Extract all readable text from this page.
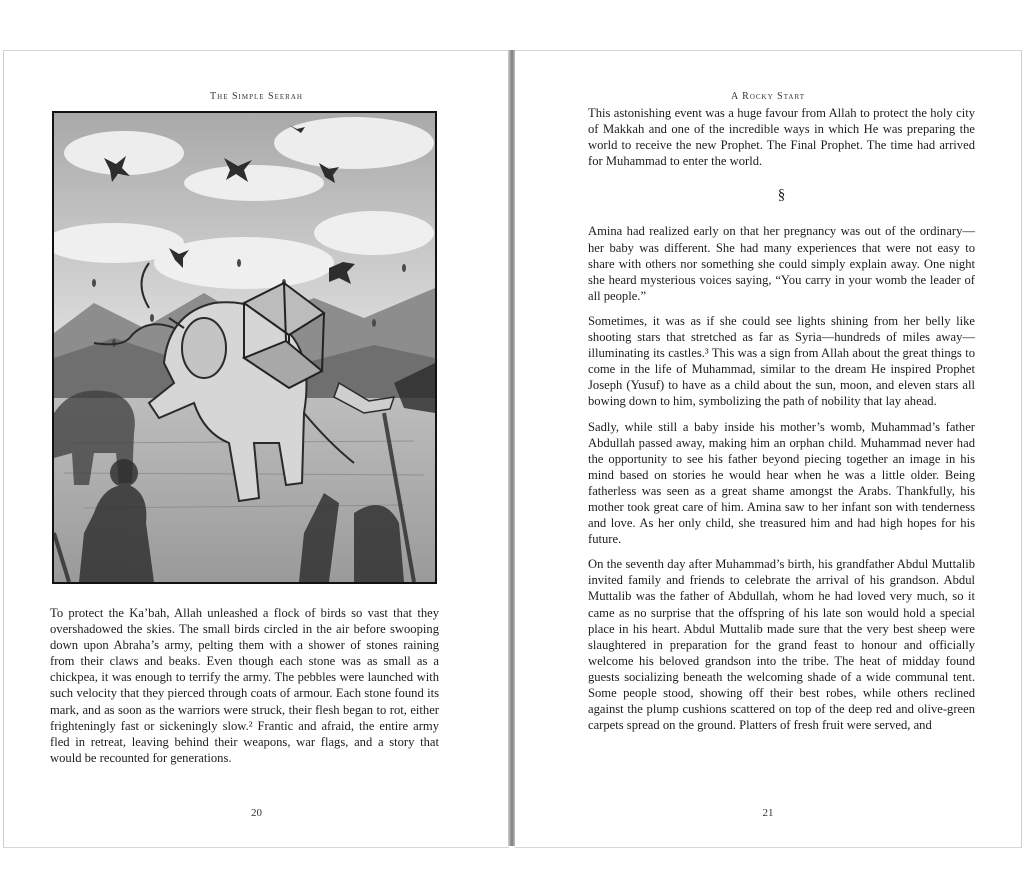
The Simple Seerah

To protect the Ka’bah, Allah unleashed a flock of birds so vast that they overshadowed the skies. The small birds circled in the air before swooping down upon Abraha’s army, pelting them with a shower of stones raining from their claws and beaks. Even though each stone was as small as a chickpea, it was enough to terrify the army. The pebbles were launched with such velocity that they pierced through coats of armour. Each stone found its mark, and as soon as the warriors were struck, their flesh began to rot, either frighteningly fast or sickeningly slow.² Frantic and afraid, the entire army fled in retreat, leaving behind their weapons, war flags, and a story that would be recounted for generations.

20
A Rocky Start

This astonishing event was a huge favour from Allah to protect the holy city of Makkah and one of the incredible ways in which He was preparing the world to receive the new Prophet. The Final Prophet. The time had arrived for Muhammad to enter the world.

§

Amina had realized early on that her pregnancy was out of the ordinary—her baby was different. She had many experiences that were not easy to share with others nor something she could simply explain away. One night she heard mysterious voices saying, “You carry in your womb the leader of all people.”

Sometimes, it was as if she could see lights shining from her belly like shooting stars that stretched as far as Syria—hundreds of miles away—illuminating its castles.³ This was a sign from Allah about the great things to come in the life of Muhammad, similar to the dream He inspired Prophet Joseph (Yusuf) to have as a child about the sun, moon, and eleven stars all bowing down to him, symbolizing the path of nobility that lay ahead.

Sadly, while still a baby inside his mother’s womb, Muhammad’s father Abdullah passed away, making him an orphan child. Muhammad never had the opportunity to see his father beyond piecing together an image in his mind based on stories he would hear when he was a little older. Being fatherless was seen as a great shame amongst the Arabs. Thankfully, his mother took great care of him. Amina saw to her infant son with tenderness and love. As her only child, she treasured him and had high hopes for his future.

On the seventh day after Muhammad’s birth, his grandfather Abdul Muttalib invited family and friends to celebrate the arrival of his grandson. Abdul Muttalib was the father of Abdullah, whom he had loved very much, so it came as no surprise that the offspring of his late son would hold a special place in his heart. Abdul Muttalib made sure that the very best sheep were slaughtered in preparation for the grand feast to honour and officially welcome his beloved grandson into the tribe. The heat of midday found guests socializing beneath the welcoming shade of a wide communal tent. Some people stood, showing off their best robes, while others reclined against the plump cushions scattered on top of the deep red and olive-green carpets spread on the ground. Platters of fresh fruit were served, and

21
